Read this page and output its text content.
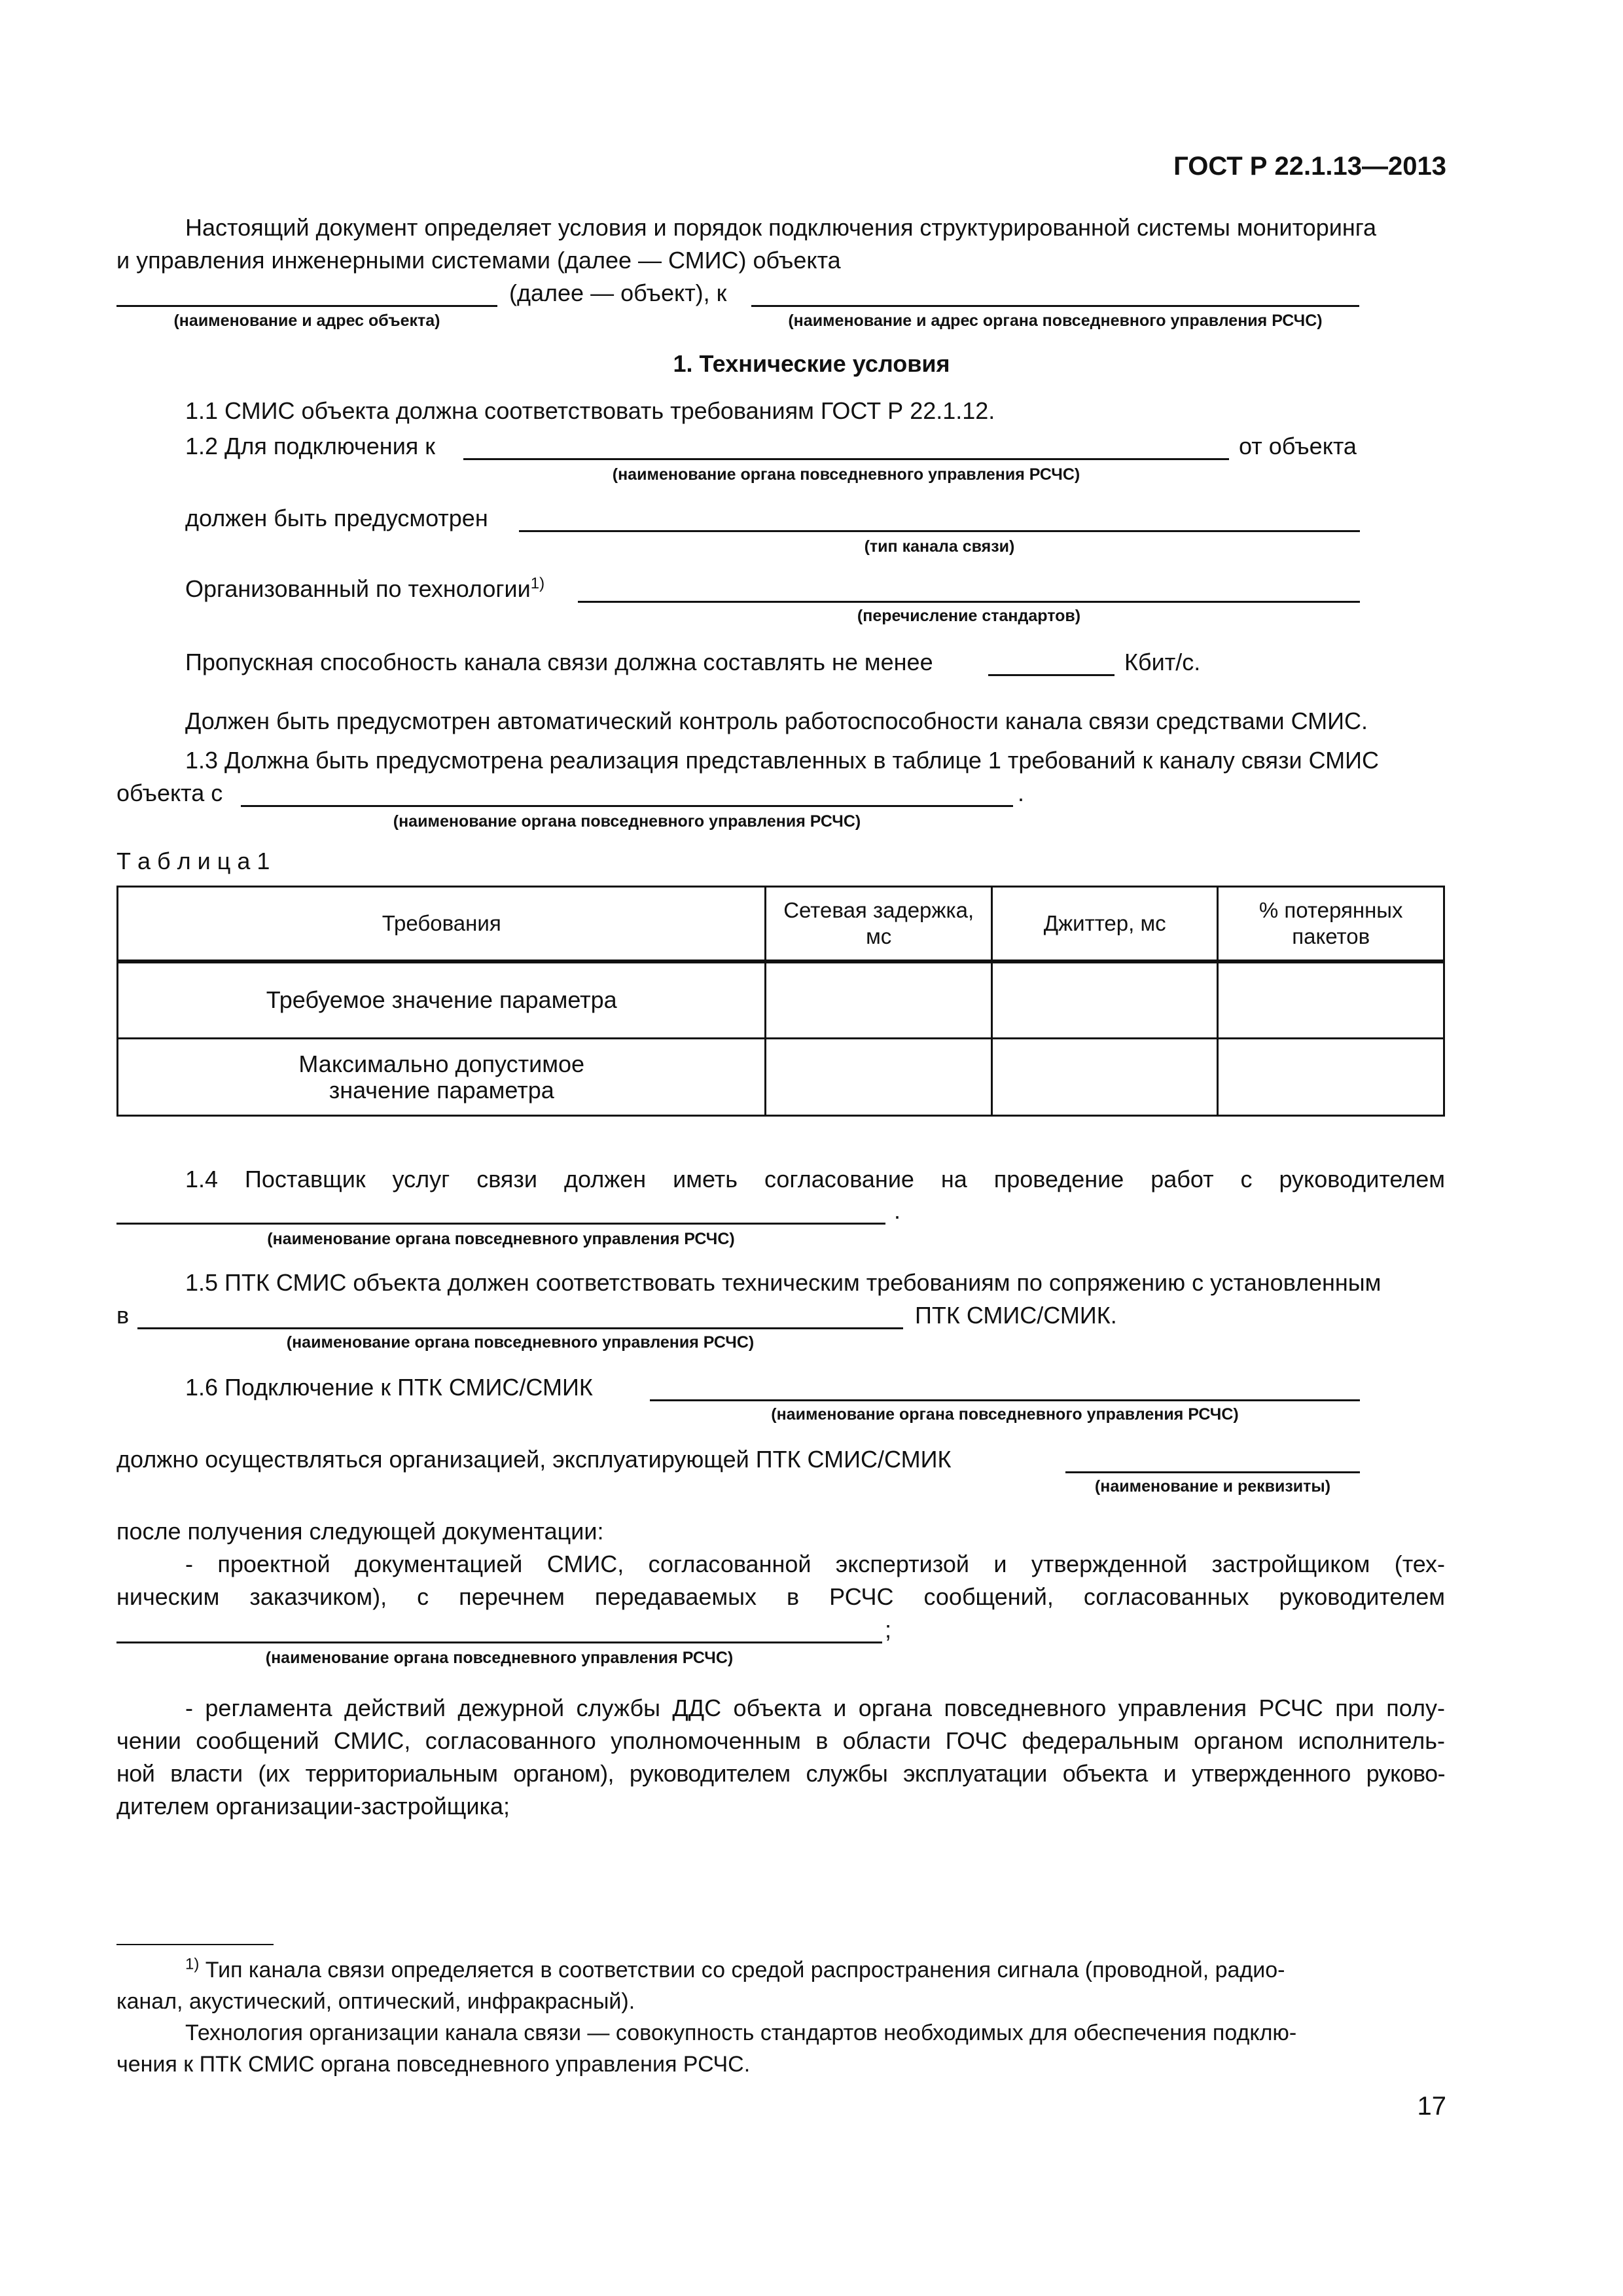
ГОСТ Р 22.1.13—2013
Настоящий документ определяет условия и порядок подключения структурированной системы мониторинга
и управления инженерными системами (далее — СМИС) объекта
(далее — объект), к
(наименование и адрес объекта)	(наименование и адрес органа повседневного управления РСЧС)
1. Технические условия
1.1 СМИС объекта должна соответствовать требованиям ГОСТ Р 22.1.12.
1.2 Для подключения к	от объекта
(наименование органа повседневного управления РСЧС)
должен быть предусмотрен
(тип канала связи)
Организованный по технологии$^{1)}$
(перечисление стандартов)
Пропускная способность канала связи должна составлять не менее	Кбит/с.
Должен быть предусмотрен автоматический контроль работоспособности канала связи средствами СМИС.
1.3 Должна быть предусмотрена реализация представленных в таблице 1 требований к каналу связи СМИС
объекта с	.
(наименование органа повседневного управления РСЧС)
Т а б л и ц а 1
Требования	Сетевая задержка, мс	Джиттер, мс	% потерянных пакетов
Требуемое значение параметра			
Максимально допустимое значение параметра			
1.4 Поставщик услуг связи должен иметь согласование на проведение работ с руководителем
.
(наименование органа повседневного управления РСЧС)
1.5 ПТК СМИС объекта должен соответствовать техническим требованиям по сопряжению с установленным
в	ПТК СМИС/СМИК.
(наименование органа повседневного управления РСЧС)
1.6 Подключение к ПТК СМИС/СМИК
(наименование органа повседневного управления РСЧС)
должно осуществляться организацией, эксплуатирующей ПТК СМИС/СМИК
(наименование и реквизиты)
после получения следующей документации:
- проектной документацией СМИС, согласованной экспертизой и утвержденной застройщиком (тех-
ническим заказчиком), с перечнем передаваемых в РСЧС сообщений, согласованных руководителем
;
(наименование органа повседневного управления РСЧС)
- регламента действий дежурной службы ДДС объекта и органа повседневного управления РСЧС при полу-
чении сообщений СМИС, согласованного уполномоченным в области ГОЧС федеральным органом исполнитель-
ной власти (их территориальным органом), руководителем службы эксплуатации объекта и утвержденного руково-
дителем организации-застройщика;
$^{1)}$ Тип канала связи определяется в соответствии со средой распространения сигнала (проводной, радио-
канал, акустический, оптический, инфракрасный).
Технология организации канала связи — совокупность стандартов необходимых для обеспечения подклю-
чения к ПТК СМИС органа повседневного управления РСЧС.
17
